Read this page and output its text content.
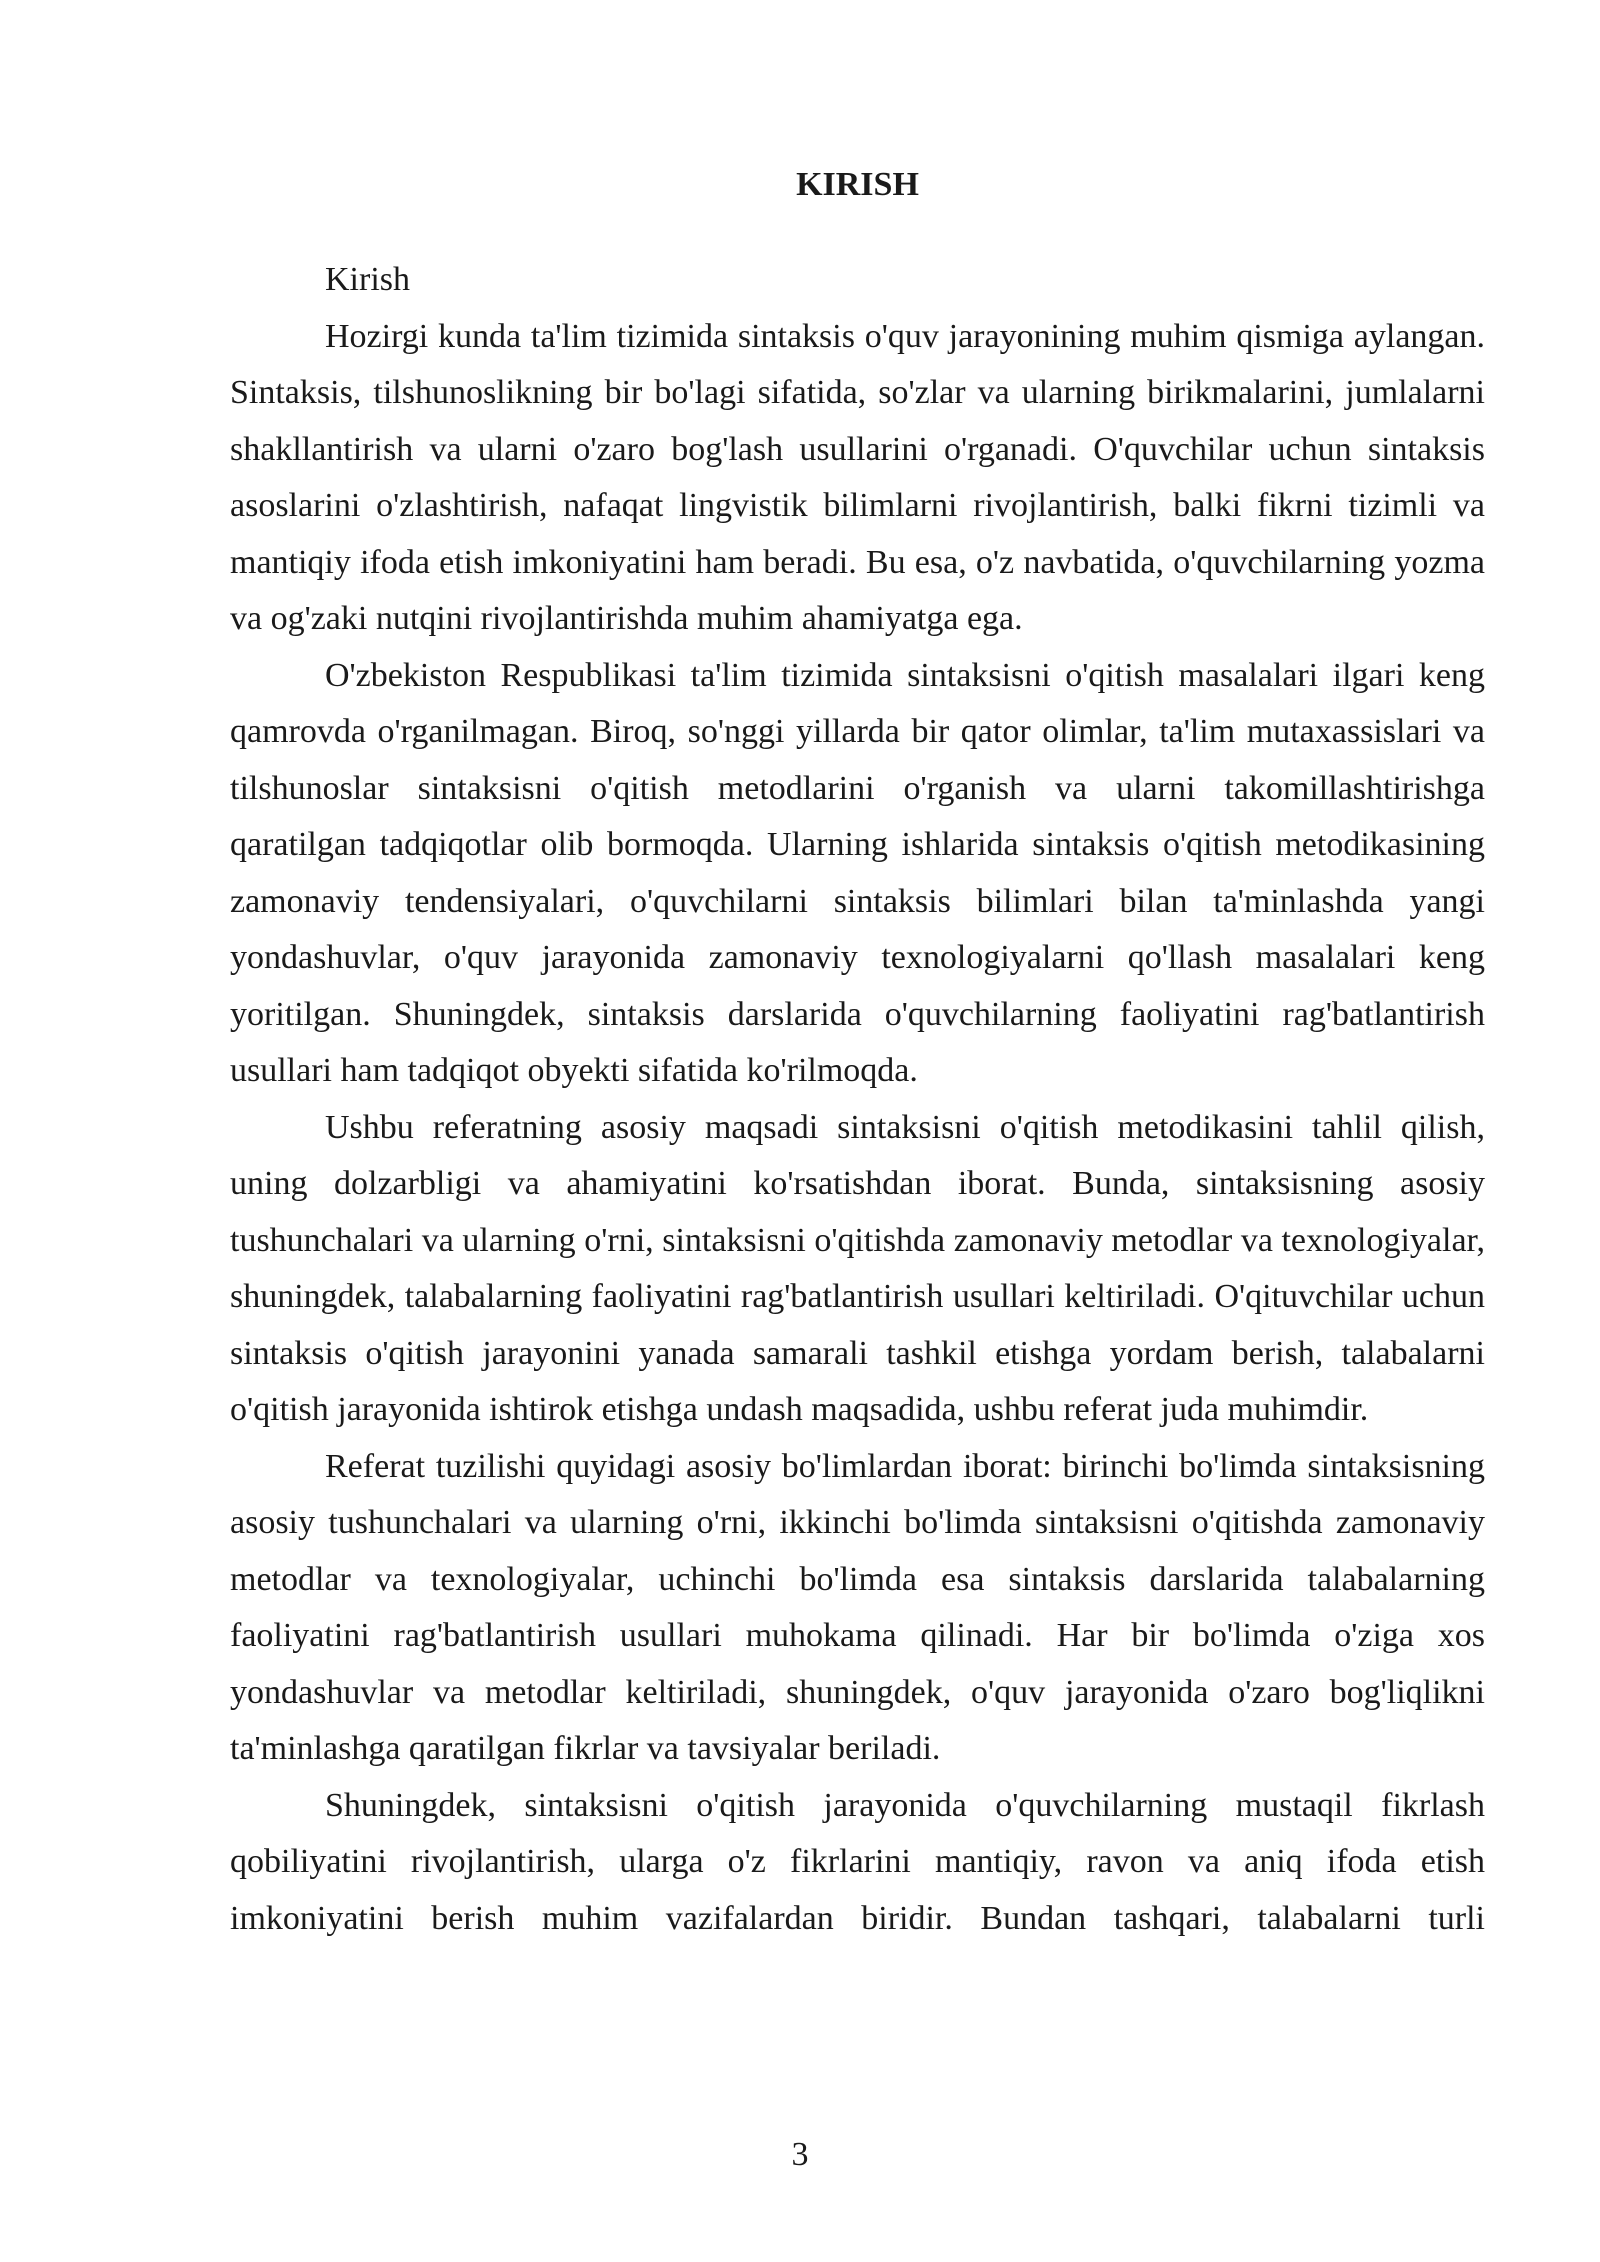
KIRISH

Kirish

Hozirgi kunda ta'lim tizimida sintaksis o'quv jarayonining muhim qismiga aylangan. Sintaksis, tilshunoslikning bir bo'lagi sifatida, so'zlar va ularning birikmalarini, jumlalarni shakllantirish va ularni o'zaro bog'lash usullarini o'rganadi. O'quvchilar uchun sintaksis asoslarini o'zlashtirish, nafaqat lingvistik bilimlarni rivojlantirish, balki fikrni tizimli va mantiqiy ifoda etish imkoniyatini ham beradi. Bu esa, o'z navbatida, o'quvchilarning yozma va og'zaki nutqini rivojlantirishda muhim ahamiyatga ega.

O'zbekiston Respublikasi ta'lim tizimida sintaksisni o'qitish masalalari ilgari keng qamrovda o'rganilmagan. Biroq, so'nggi yillarda bir qator olimlar, ta'lim mutaxassislari va tilshunoslar sintaksisni o'qitish metodlarini o'rganish va ularni takomillashtirishga qaratilgan tadqiqotlar olib bormoqda. Ularning ishlarida sintaksis o'qitish metodikasining zamonaviy tendensiyalari, o'quvchilarni sintaksis bilimlari bilan ta'minlashda yangi yondashuvlar, o'quv jarayonida zamonaviy texnologiyalarni qo'llash masalalari keng yoritilgan. Shuningdek, sintaksis darslarida o'quvchilarning faoliyatini rag'batlantirish usullari ham tadqiqot obyekti sifatida ko'rilmoqda.

Ushbu referatning asosiy maqsadi sintaksisni o'qitish metodikasini tahlil qilish, uning dolzarbligi va ahamiyatini ko'rsatishdan iborat. Bunda, sintaksisning asosiy tushunchalari va ularning o'rni, sintaksisni o'qitishda zamonaviy metodlar va texnologiyalar, shuningdek, talabalarning faoliyatini rag'batlantirish usullari keltiriladi. O'qituvchilar uchun sintaksis o'qitish jarayonini yanada samarali tashkil etishga yordam berish, talabalarni o'qitish jarayonida ishtirok etishga undash maqsadida, ushbu referat juda muhimdir.

Referat tuzilishi quyidagi asosiy bo'limlardan iborat: birinchi bo'limda sintaksisning asosiy tushunchalari va ularning o'rni, ikkinchi bo'limda sintaksisni o'qitishda zamonaviy metodlar va texnologiyalar, uchinchi bo'limda esa sintaksis darslarida talabalarning faoliyatini rag'batlantirish usullari muhokama qilinadi. Har bir bo'limda o'ziga xos yondashuvlar va metodlar keltiriladi, shuningdek, o'quv jarayonida o'zaro bog'liqlikni ta'minlashga qaratilgan fikrlar va tavsiyalar beriladi.

Shuningdek, sintaksisni o'qitish jarayonida o'quvchilarning mustaqil fikrlash qobiliyatini rivojlantirish, ularga o'z fikrlarini mantiqiy, ravon va aniq ifoda etish imkoniyatini berish muhim vazifalardan biridir. Bundan tashqari, talabalarni turli

3
